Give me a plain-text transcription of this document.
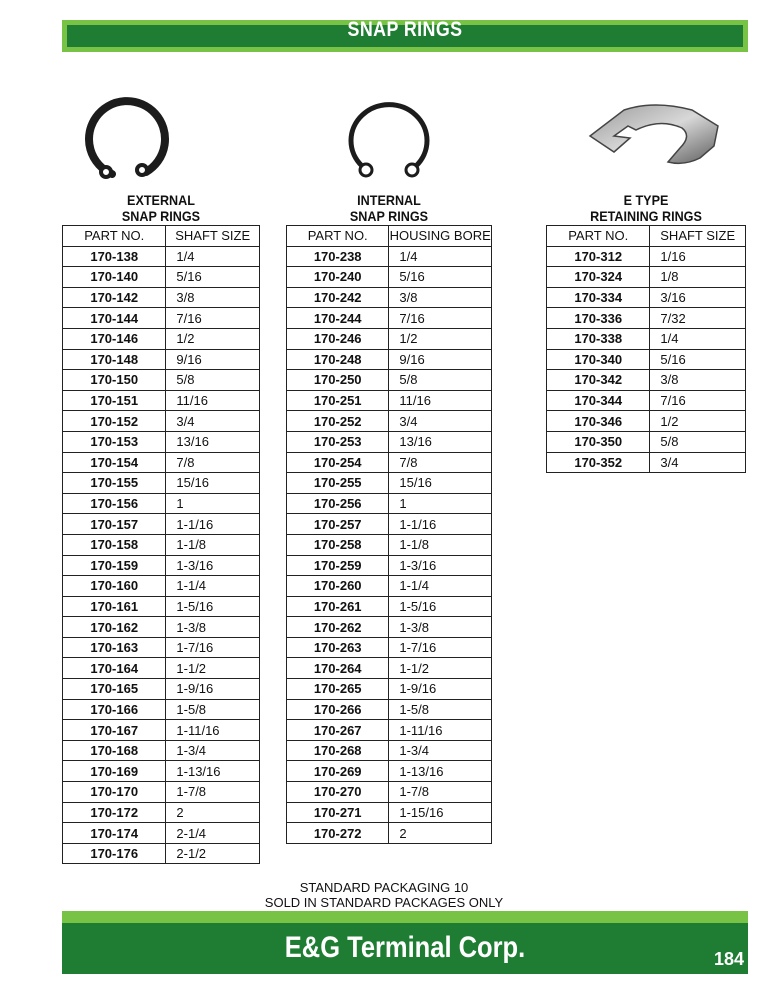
SNAP RINGS
EXTERNAL
SNAP RINGS
INTERNAL
SNAP RINGS
E TYPE
RETAINING RINGS
PART NO.	SHAFT SIZE
170-138	1/4
170-140	5/16
170-142	3/8
170-144	7/16
170-146	1/2
170-148	9/16
170-150	5/8
170-151	11/16
170-152	3/4
170-153	13/16
170-154	7/8
170-155	15/16
170-156	1
170-157	1-1/16
170-158	1-1/8
170-159	1-3/16
170-160	1-1/4
170-161	1-5/16
170-162	1-3/8
170-163	1-7/16
170-164	1-1/2
170-165	1-9/16
170-166	1-5/8
170-167	1-11/16
170-168	1-3/4
170-169	1-13/16
170-170	1-7/8
170-172	2
170-174	2-1/4
170-176	2-1/2
PART NO.	HOUSING BORE
170-238	1/4
170-240	5/16
170-242	3/8
170-244	7/16
170-246	1/2
170-248	9/16
170-250	5/8
170-251	11/16
170-252	3/4
170-253	13/16
170-254	7/8
170-255	15/16
170-256	1
170-257	1-1/16
170-258	1-1/8
170-259	1-3/16
170-260	1-1/4
170-261	1-5/16
170-262	1-3/8
170-263	1-7/16
170-264	1-1/2
170-265	1-9/16
170-266	1-5/8
170-267	1-11/16
170-268	1-3/4
170-269	1-13/16
170-270	1-7/8
170-271	1-15/16
170-272	2
PART NO.	SHAFT SIZE
170-312	1/16
170-324	1/8
170-334	3/16
170-336	7/32
170-338	1/4
170-340	5/16
170-342	3/8
170-344	7/16
170-346	1/2
170-350	5/8
170-352	3/4
STANDARD PACKAGING 10
SOLD IN STANDARD PACKAGES ONLY
E&G Terminal Corp.	184
